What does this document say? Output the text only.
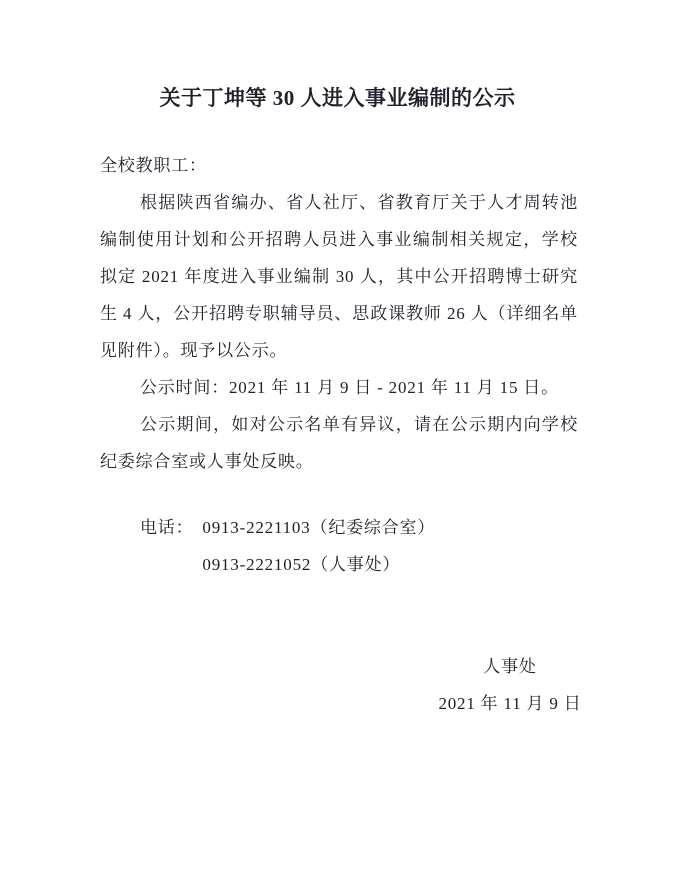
关于丁坤等 30 人进入事业编制的公示

全校教职工：

根据陕西省编办、省人社厅、省教育厅关于人才周转池编制使用计划和公开招聘人员进入事业编制相关规定，学校拟定 2021 年度进入事业编制 30 人，其中公开招聘博士研究生 4 人，公开招聘专职辅导员、思政课教师 26 人（详细名单见附件）。现予以公示。

公示时间：2021 年 11 月 9 日 - 2021 年 11 月 15 日。

公示期间，如对公示名单有异议，请在公示期内向学校纪委综合室或人事处反映。

电话： 0913-2221103（纪委综合室）
0913-2221052（人事处）
人事处
2021 年 11 月 9 日
